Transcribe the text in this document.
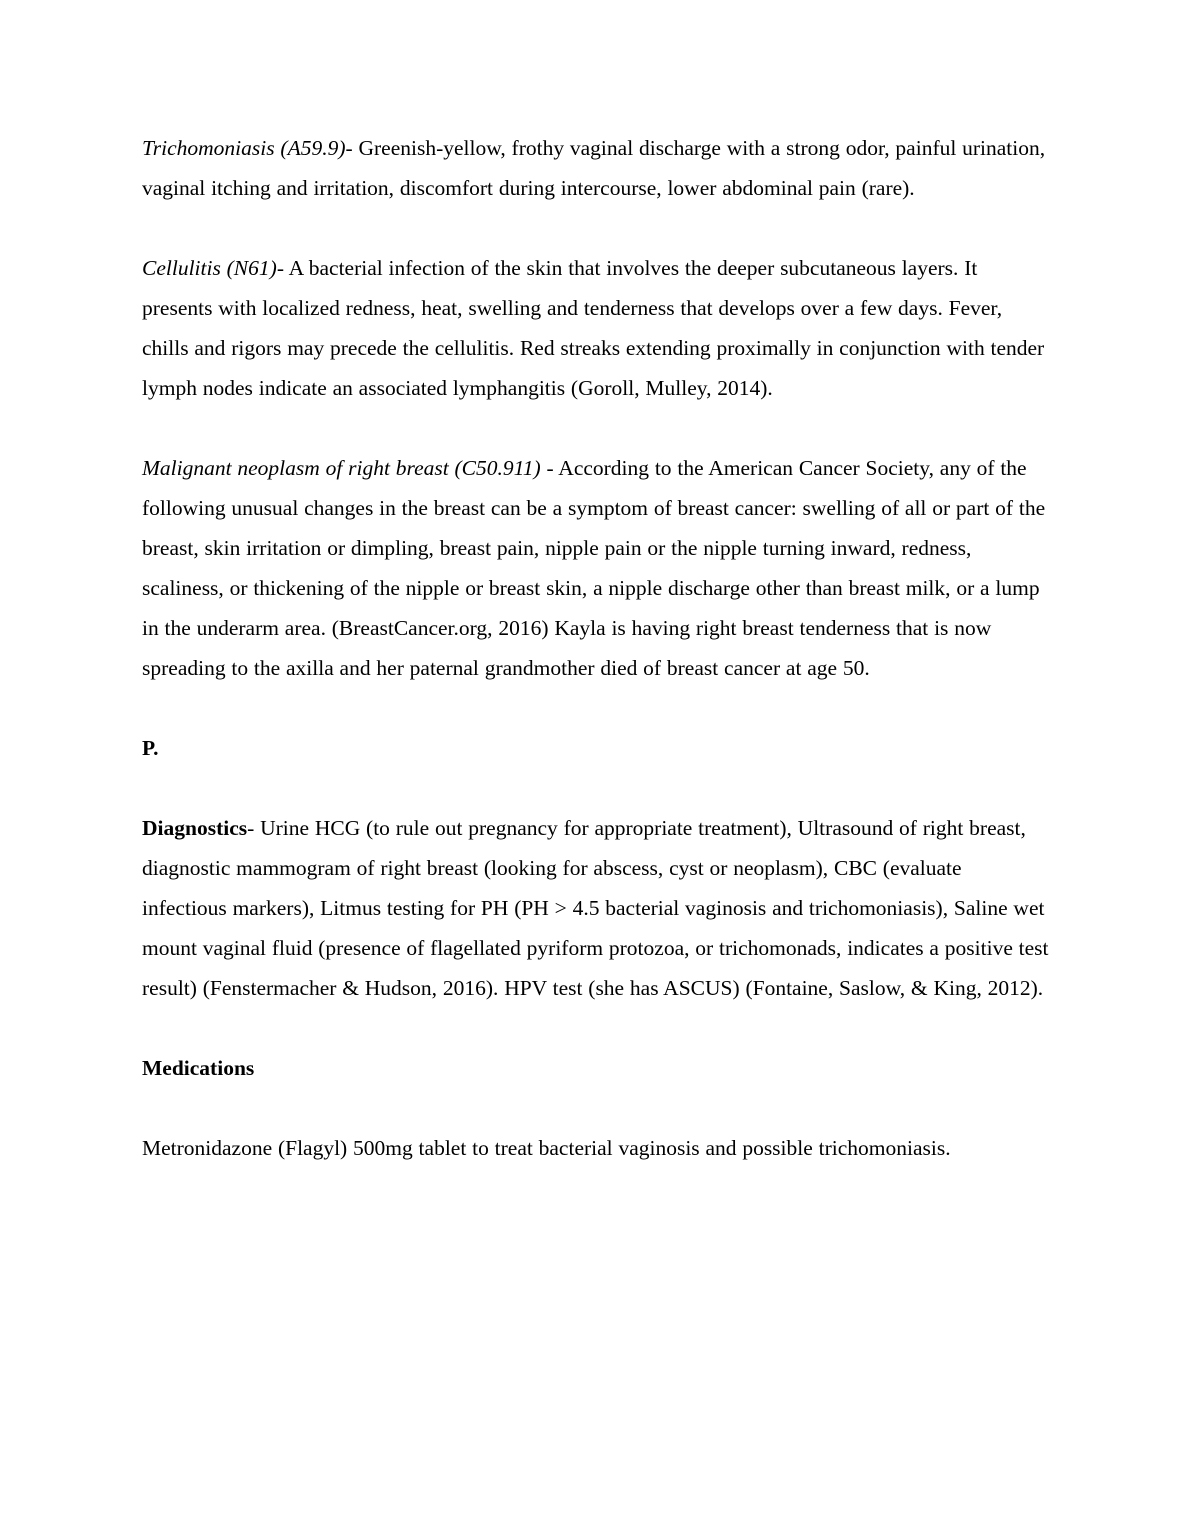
Trichomoniasis (A59.9)- Greenish-yellow, frothy vaginal discharge with a strong odor, painful urination, vaginal itching and irritation, discomfort during intercourse, lower abdominal pain (rare).

Cellulitis (N61)- A bacterial infection of the skin that involves the deeper subcutaneous layers. It presents with localized redness, heat, swelling and tenderness that develops over a few days. Fever, chills and rigors may precede the cellulitis. Red streaks extending proximally in conjunction with tender lymph nodes indicate an associated lymphangitis (Goroll, Mulley, 2014).

Malignant neoplasm of right breast (C50.911) - According to the American Cancer Society, any of the following unusual changes in the breast can be a symptom of breast cancer: swelling of all or part of the breast, skin irritation or dimpling, breast pain, nipple pain or the nipple turning inward, redness, scaliness, or thickening of the nipple or breast skin, a nipple discharge other than breast milk, or a lump in the underarm area. (BreastCancer.org, 2016) Kayla is having right breast tenderness that is now spreading to the axilla and her paternal grandmother died of breast cancer at age 50.

P.

Diagnostics- Urine HCG (to rule out pregnancy for appropriate treatment), Ultrasound of right breast, diagnostic mammogram of right breast (looking for abscess, cyst or neoplasm), CBC (evaluate infectious markers), Litmus testing for PH (PH > 4.5 bacterial vaginosis and trichomoniasis), Saline wet mount vaginal fluid (presence of flagellated pyriform protozoa, or trichomonads, indicates a positive test result) (Fenstermacher & Hudson, 2016). HPV test (she has ASCUS) (Fontaine, Saslow, & King, 2012).

Medications

Metronidazone (Flagyl) 500mg tablet to treat bacterial vaginosis and possible trichomoniasis.
